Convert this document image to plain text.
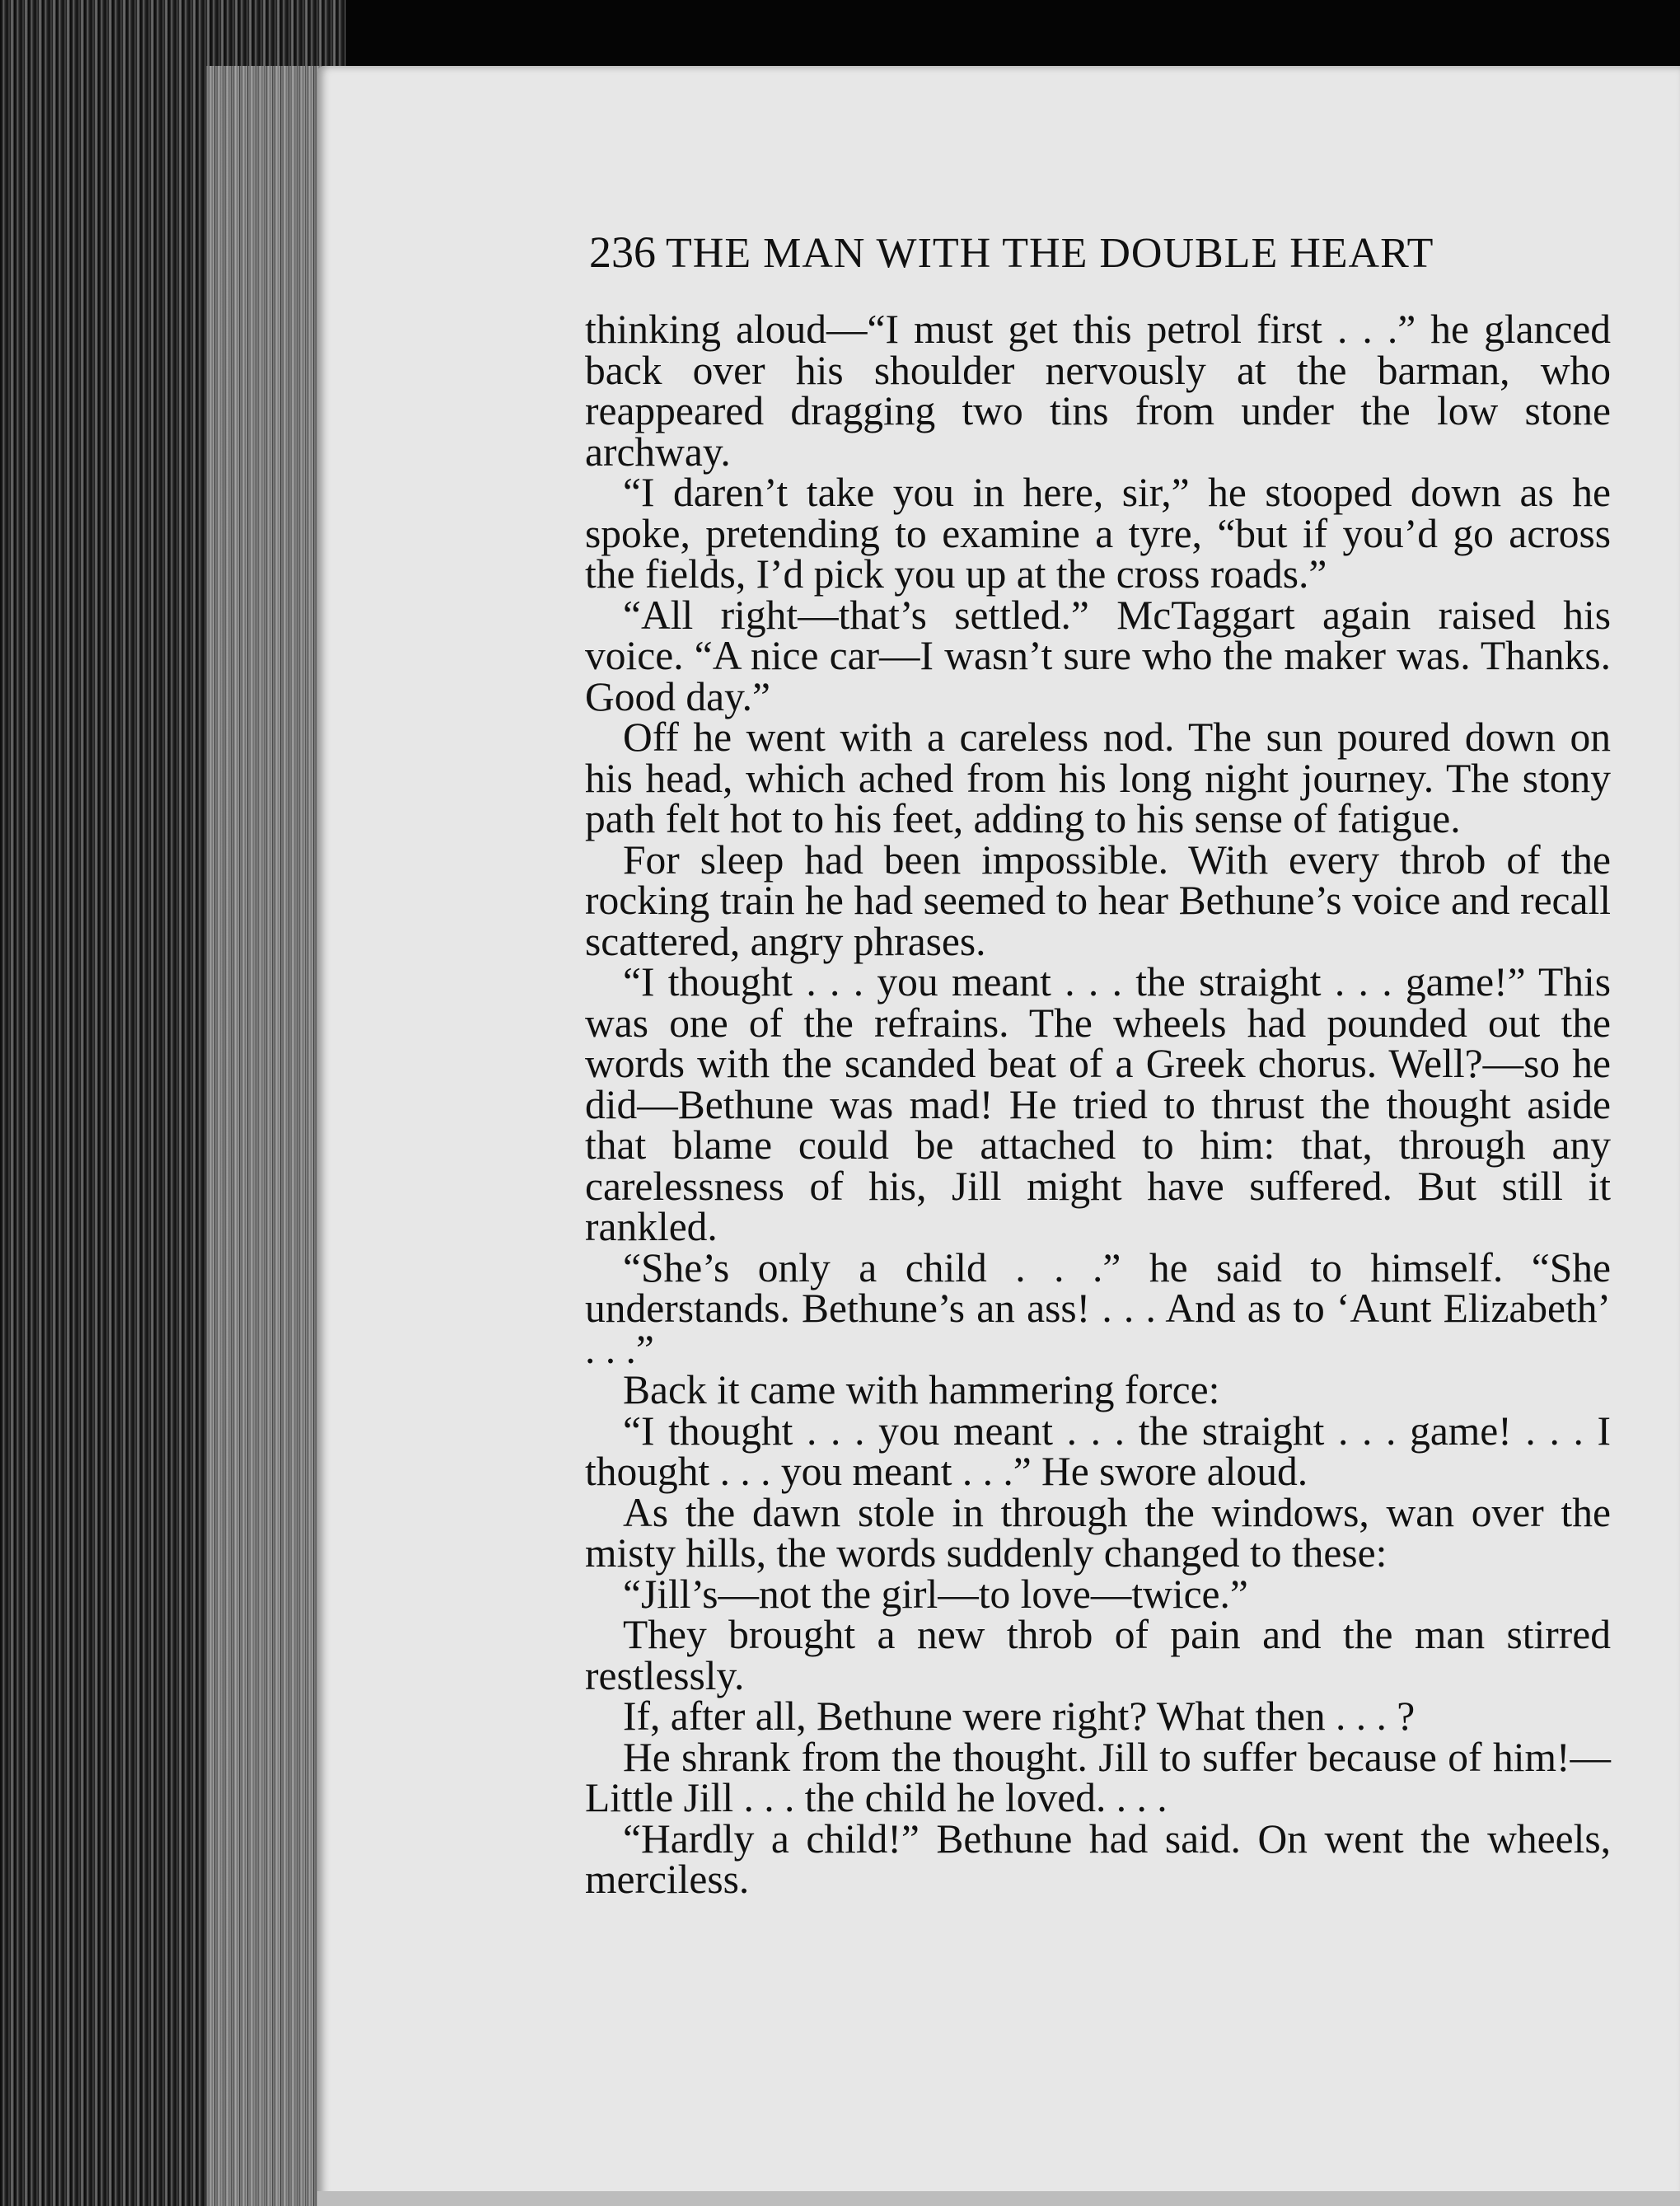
236 THE MAN WITH THE DOUBLE HEART

thinking aloud—“I must get this petrol first . . .” he glanced back over his shoulder nervously at the barman, who reappeared dragging two tins from under the low stone archway.

“I daren’t take you in here, sir,” he stooped down as he spoke, pretending to examine a tyre, “but if you’d go across the fields, I’d pick you up at the cross roads.”

“All right—that’s settled.” McTaggart again raised his voice. “A nice car—I wasn’t sure who the maker was. Thanks. Good day.”

Off he went with a careless nod. The sun poured down on his head, which ached from his long night journey. The stony path felt hot to his feet, adding to his sense of fatigue.

For sleep had been impossible. With every throb of the rocking train he had seemed to hear Bethune’s voice and recall scattered, angry phrases.

“I thought . . . you meant . . . the straight . . . game!” This was one of the refrains. The wheels had pounded out the words with the scanded beat of a Greek chorus. Well?—so he did—Bethune was mad! He tried to thrust the thought aside that blame could be attached to him: that, through any carelessness of his, Jill might have suffered. But still it rankled.

“She’s only a child . . .” he said to himself. “She understands. Bethune’s an ass! . . . And as to ‘Aunt Elizabeth’ . . .”

Back it came with hammering force:

“I thought . . . you meant . . . the straight . . . game! . . . I thought . . . you meant . . .” He swore aloud.

As the dawn stole in through the windows, wan over the misty hills, the words suddenly changed to these:

“Jill’s—not the girl—to love—twice.”

They brought a new throb of pain and the man stirred restlessly.

If, after all, Bethune were right? What then . . . ?

He shrank from the thought. Jill to suffer because of him!—Little Jill . . . the child he loved. . . .

“Hardly a child!” Bethune had said. On went the wheels, merciless.
